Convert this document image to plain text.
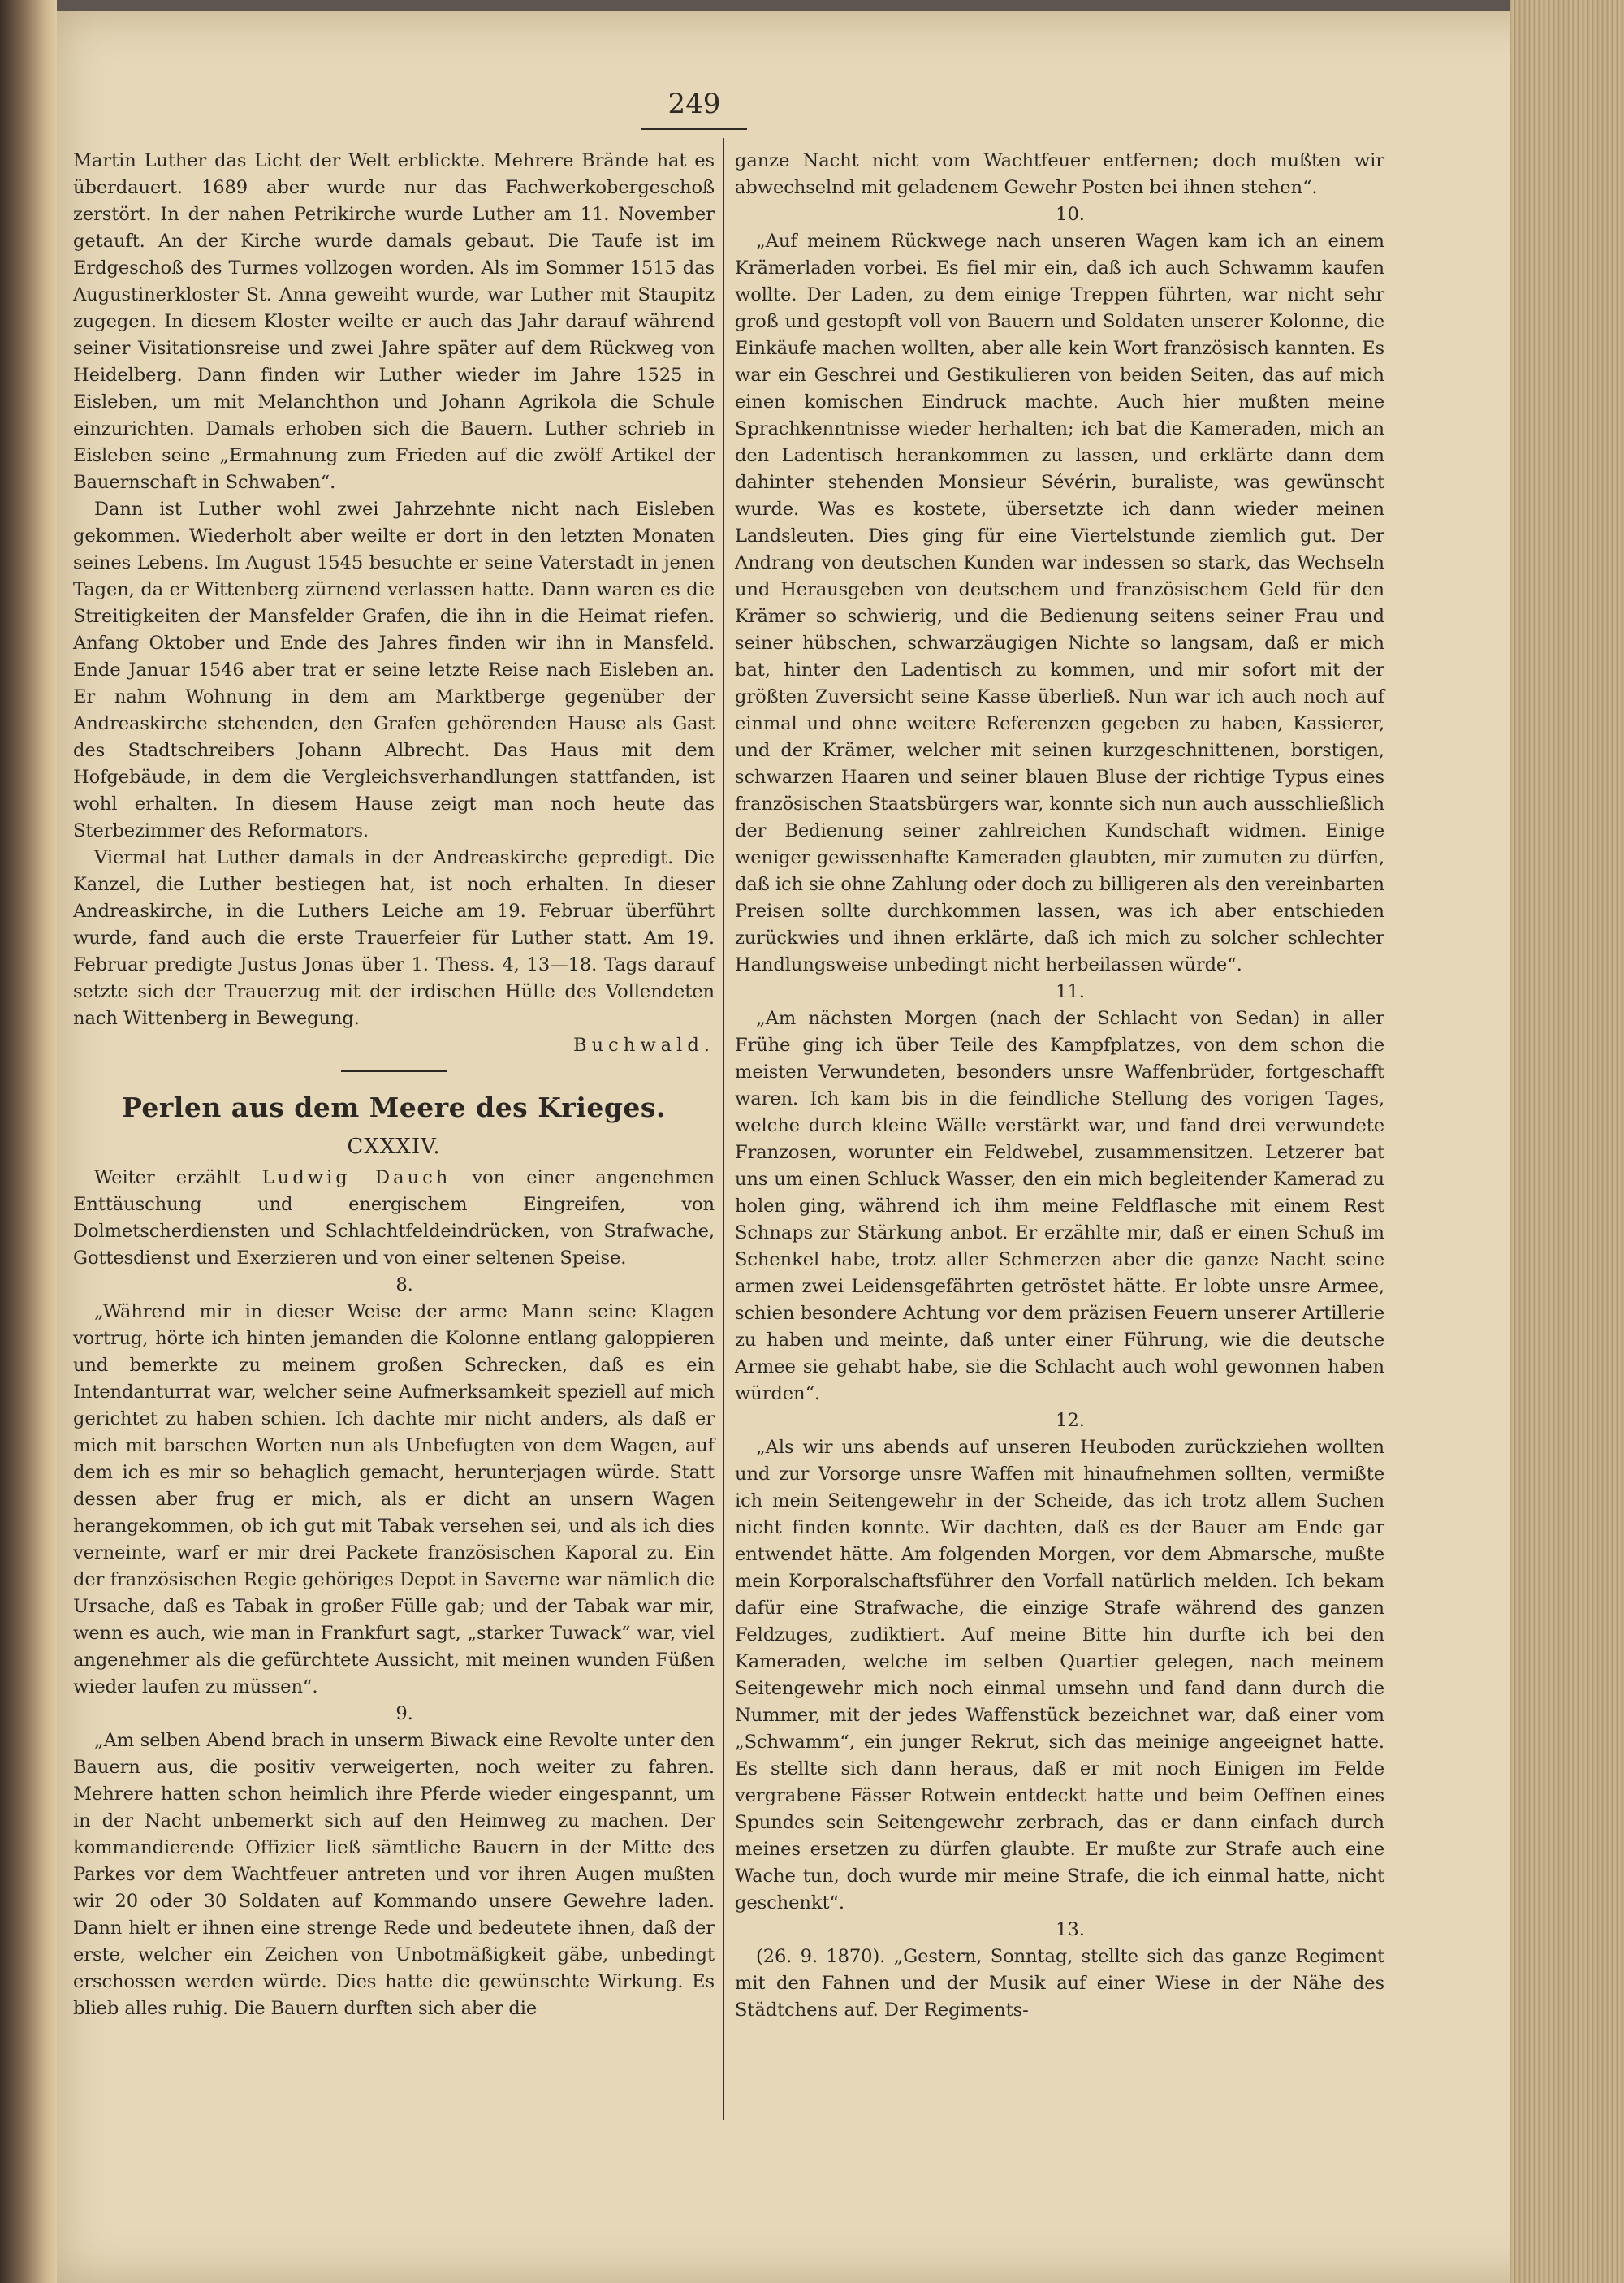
249

Martin Luther das Licht der Welt erblickte. Mehrere Brände hat es überdauert. 1689 aber wurde nur das Fachwerkobergeschoß zerstört. In der nahen Petrikirche wurde Luther am 11. November getauft. An der Kirche wurde damals gebaut. Die Taufe ist im Erdgeschoß des Turmes vollzogen worden. Als im Sommer 1515 das Augustinerkloster St. Anna geweiht wurde, war Luther mit Staupitz zugegen. In diesem Kloster weilte er auch das Jahr darauf während seiner Visitationsreise und zwei Jahre später auf dem Rückweg von Heidelberg. Dann finden wir Luther wieder im Jahre 1525 in Eisleben, um mit Melanchthon und Johann Agrikola die Schule einzurichten. Damals erhoben sich die Bauern. Luther schrieb in Eisleben seine „Ermahnung zum Frieden auf die zwölf Artikel der Bauernschaft in Schwaben“.

Dann ist Luther wohl zwei Jahrzehnte nicht nach Eisleben gekommen. Wiederholt aber weilte er dort in den letzten Monaten seines Lebens. Im August 1545 besuchte er seine Vaterstadt in jenen Tagen, da er Wittenberg zürnend verlassen hatte. Dann waren es die Streitigkeiten der Mansfelder Grafen, die ihn in die Heimat riefen. Anfang Oktober und Ende des Jahres finden wir ihn in Mansfeld. Ende Januar 1546 aber trat er seine letzte Reise nach Eisleben an. Er nahm Wohnung in dem am Marktberge gegenüber der Andreaskirche stehenden, den Grafen gehörenden Hause als Gast des Stadtschreibers Johann Albrecht. Das Haus mit dem Hofgebäude, in dem die Vergleichsverhandlungen stattfanden, ist wohl erhalten. In diesem Hause zeigt man noch heute das Sterbezimmer des Reformators.

Viermal hat Luther damals in der Andreaskirche gepredigt. Die Kanzel, die Luther bestiegen hat, ist noch erhalten. In dieser Andreaskirche, in die Luthers Leiche am 19. Februar überführt wurde, fand auch die erste Trauerfeier für Luther statt. Am 19. Februar predigte Justus Jonas über 1. Thess. 4, 13—18. Tags darauf setzte sich der Trauerzug mit der irdischen Hülle des Vollendeten nach Wittenberg in Bewegung.

Buchwald.

Perlen aus dem Meere des Krieges.
CXXXIV.

Weiter erzählt Ludwig Dauch von einer angenehmen Enttäuschung und energischem Eingreifen, von Dolmetscherdiensten und Schlachtfeldeindrücken, von Strafwache, Gottesdienst und Exerzieren und von einer seltenen Speise.

8.

„Während mir in dieser Weise der arme Mann seine Klagen vortrug, hörte ich hinten jemanden die Kolonne entlang galoppieren und bemerkte zu meinem großen Schrecken, daß es ein Intendanturrat war, welcher seine Aufmerksamkeit speziell auf mich gerichtet zu haben schien. Ich dachte mir nicht anders, als daß er mich mit barschen Worten nun als Unbefugten von dem Wagen, auf dem ich es mir so behaglich gemacht, herunterjagen würde. Statt dessen aber frug er mich, als er dicht an unsern Wagen herangekommen, ob ich gut mit Tabak versehen sei, und als ich dies verneinte, warf er mir drei Packete französischen Kaporal zu. Ein der französischen Regie gehöriges Depot in Saverne war nämlich die Ursache, daß es Tabak in großer Fülle gab; und der Tabak war mir, wenn es auch, wie man in Frankfurt sagt, „starker Tuwack“ war, viel angenehmer als die gefürchtete Aussicht, mit meinen wunden Füßen wieder laufen zu müssen“.

9.

„Am selben Abend brach in unserm Biwack eine Revolte unter den Bauern aus, die positiv verweigerten, noch weiter zu fahren. Mehrere hatten schon heimlich ihre Pferde wieder eingespannt, um in der Nacht unbemerkt sich auf den Heimweg zu machen. Der kommandierende Offizier ließ sämtliche Bauern in der Mitte des Parkes vor dem Wachtfeuer antreten und vor ihren Augen mußten wir 20 oder 30 Soldaten auf Kommando unsere Gewehre laden. Dann hielt er ihnen eine strenge Rede und bedeutete ihnen, daß der erste, welcher ein Zeichen von Unbotmäßigkeit gäbe, unbedingt erschossen werden würde. Dies hatte die gewünschte Wirkung. Es blieb alles ruhig. Die Bauern durften sich aber die

ganze Nacht nicht vom Wachtfeuer entfernen; doch mußten wir abwechselnd mit geladenem Gewehr Posten bei ihnen stehen“.

10.

„Auf meinem Rückwege nach unseren Wagen kam ich an einem Krämerladen vorbei. Es fiel mir ein, daß ich auch Schwamm kaufen wollte. Der Laden, zu dem einige Treppen führten, war nicht sehr groß und gestopft voll von Bauern und Soldaten unserer Kolonne, die Einkäufe machen wollten, aber alle kein Wort französisch kannten. Es war ein Geschrei und Gestikulieren von beiden Seiten, das auf mich einen komischen Eindruck machte. Auch hier mußten meine Sprachkenntnisse wieder herhalten; ich bat die Kameraden, mich an den Ladentisch herankommen zu lassen, und erklärte dann dem dahinter stehenden Monsieur Sévérin, buraliste, was gewünscht wurde. Was es kostete, übersetzte ich dann wieder meinen Landsleuten. Dies ging für eine Viertelstunde ziemlich gut. Der Andrang von deutschen Kunden war indessen so stark, das Wechseln und Herausgeben von deutschem und französischem Geld für den Krämer so schwierig, und die Bedienung seitens seiner Frau und seiner hübschen, schwarzäugigen Nichte so langsam, daß er mich bat, hinter den Ladentisch zu kommen, und mir sofort mit der größten Zuversicht seine Kasse überließ. Nun war ich auch noch auf einmal und ohne weitere Referenzen gegeben zu haben, Kassierer, und der Krämer, welcher mit seinen kurzgeschnittenen, borstigen, schwarzen Haaren und seiner blauen Bluse der richtige Typus eines französischen Staatsbürgers war, konnte sich nun auch ausschließlich der Bedienung seiner zahlreichen Kundschaft widmen. Einige weniger gewissenhafte Kameraden glaubten, mir zumuten zu dürfen, daß ich sie ohne Zahlung oder doch zu billigeren als den vereinbarten Preisen sollte durchkommen lassen, was ich aber entschieden zurückwies und ihnen erklärte, daß ich mich zu solcher schlechter Handlungsweise unbedingt nicht herbeilassen würde“.

11.

„Am nächsten Morgen (nach der Schlacht von Sedan) in aller Frühe ging ich über Teile des Kampfplatzes, von dem schon die meisten Verwundeten, besonders unsre Waffenbrüder, fortgeschafft waren. Ich kam bis in die feindliche Stellung des vorigen Tages, welche durch kleine Wälle verstärkt war, und fand drei verwundete Franzosen, worunter ein Feldwebel, zusammensitzen. Letzerer bat uns um einen Schluck Wasser, den ein mich begleitender Kamerad zu holen ging, während ich ihm meine Feldflasche mit einem Rest Schnaps zur Stärkung anbot. Er erzählte mir, daß er einen Schuß im Schenkel habe, trotz aller Schmerzen aber die ganze Nacht seine armen zwei Leidensgefährten getröstet hätte. Er lobte unsre Armee, schien besondere Achtung vor dem präzisen Feuern unserer Artillerie zu haben und meinte, daß unter einer Führung, wie die deutsche Armee sie gehabt habe, sie die Schlacht auch wohl gewonnen haben würden“.

12.

„Als wir uns abends auf unseren Heuboden zurückziehen wollten und zur Vorsorge unsre Waffen mit hinaufnehmen sollten, vermißte ich mein Seitengewehr in der Scheide, das ich trotz allem Suchen nicht finden konnte. Wir dachten, daß es der Bauer am Ende gar entwendet hätte. Am folgenden Morgen, vor dem Abmarsche, mußte mein Korporalschaftsführer den Vorfall natürlich melden. Ich bekam dafür eine Strafwache, die einzige Strafe während des ganzen Feldzuges, zudiktiert. Auf meine Bitte hin durfte ich bei den Kameraden, welche im selben Quartier gelegen, nach meinem Seitengewehr mich noch einmal umsehn und fand dann durch die Nummer, mit der jedes Waffenstück bezeichnet war, daß einer vom „Schwamm“, ein junger Rekrut, sich das meinige angeeignet hatte. Es stellte sich dann heraus, daß er mit noch Einigen im Felde vergrabene Fässer Rotwein entdeckt hatte und beim Oeffnen eines Spundes sein Seitengewehr zerbrach, das er dann einfach durch meines ersetzen zu dürfen glaubte. Er mußte zur Strafe auch eine Wache tun, doch wurde mir meine Strafe, die ich einmal hatte, nicht geschenkt“.

13.

(26. 9. 1870). „Gestern, Sonntag, stellte sich das ganze Regiment mit den Fahnen und der Musik auf einer Wiese in der Nähe des Städtchens auf. Der Regiments-
